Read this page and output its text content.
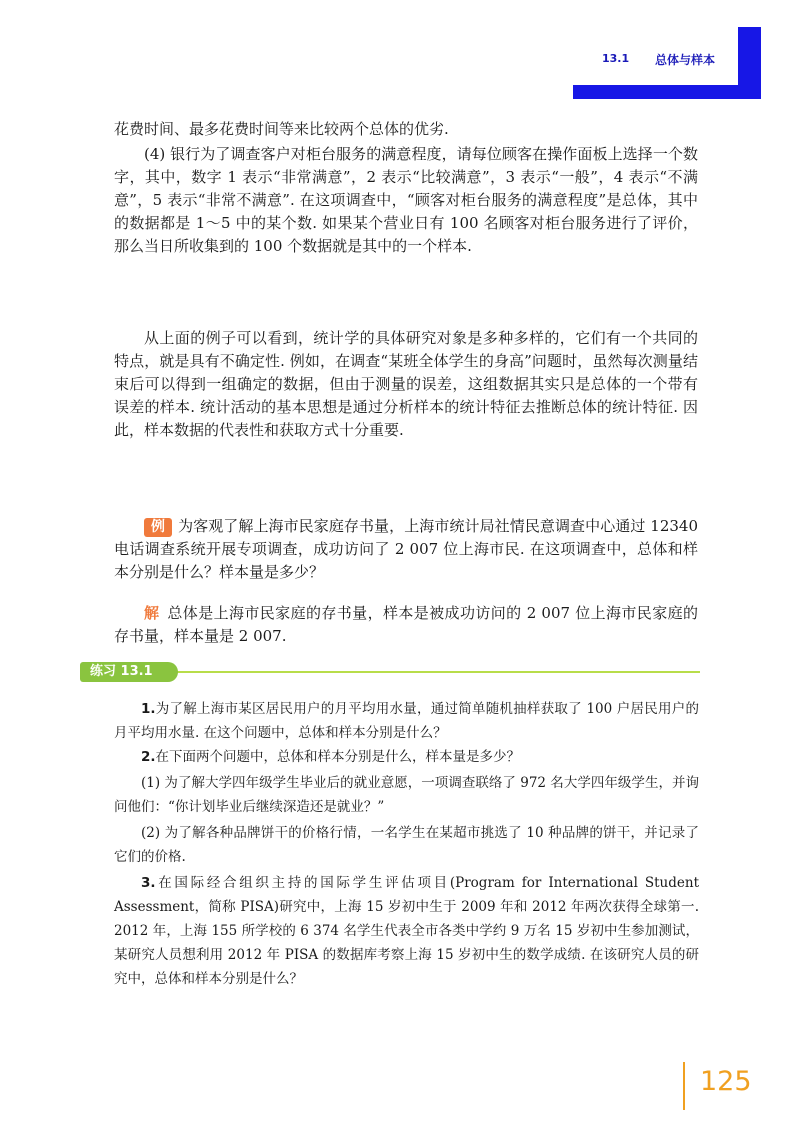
13.1 总体与样本

花费时间、最多花费时间等来比较两个总体的优劣.

(4) 银行为了调查客户对柜台服务的满意程度，请每位顾客在操作面板上选择一个数字，其中，数字 1 表示“非常满意”，2 表示“比较满意”，3 表示“一般”，4 表示“不满意”，5 表示“非常不满意”. 在这项调查中，“顾客对柜台服务的满意程度”是总体，其中的数据都是 1～5 中的某个数. 如果某个营业日有 100 名顾客对柜台服务进行了评价，那么当日所收集到的 100 个数据就是其中的一个样本.

从上面的例子可以看到，统计学的具体研究对象是多种多样的，它们有一个共同的特点，就是具有不确定性. 例如，在调查“某班全体学生的身高”问题时，虽然每次测量结束后可以得到一组确定的数据，但由于测量的误差，这组数据其实只是总体的一个带有误差的样本. 统计活动的基本思想是通过分析样本的统计特征去推断总体的统计特征. 因此，样本数据的代表性和获取方式十分重要.

例 为客观了解上海市民家庭存书量，上海市统计局社情民意调查中心通过 12340 电话调查系统开展专项调查，成功访问了 2 007 位上海市民. 在这项调查中，总体和样本分别是什么？样本量是多少？

解 总体是上海市民家庭的存书量，样本是被成功访问的 2 007 位上海市民家庭的存书量，样本量是 2 007.

练习 13.1

1.为了解上海市某区居民用户的月平均用水量，通过简单随机抽样获取了 100 户居民用户的月平均用水量. 在这个问题中，总体和样本分别是什么？

2.在下面两个问题中，总体和样本分别是什么，样本量是多少？

(1) 为了解大学四年级学生毕业后的就业意愿，一项调查联络了 972 名大学四年级学生，并询问他们：“你计划毕业后继续深造还是就业？”

(2) 为了解各种品牌饼干的价格行情，一名学生在某超市挑选了 10 种品牌的饼干，并记录了它们的价格.

3.在国际经合组织主持的国际学生评估项目(Program for International Student Assessment，简称 PISA)研究中，上海 15 岁初中生于 2009 年和 2012 年两次获得全球第一. 2012 年，上海 155 所学校的 6 374 名学生代表全市各类中学约 9 万名 15 岁初中生参加测试，某研究人员想利用 2012 年 PISA 的数据库考察上海 15 岁初中生的数学成绩. 在该研究人员的研究中，总体和样本分别是什么？

125
